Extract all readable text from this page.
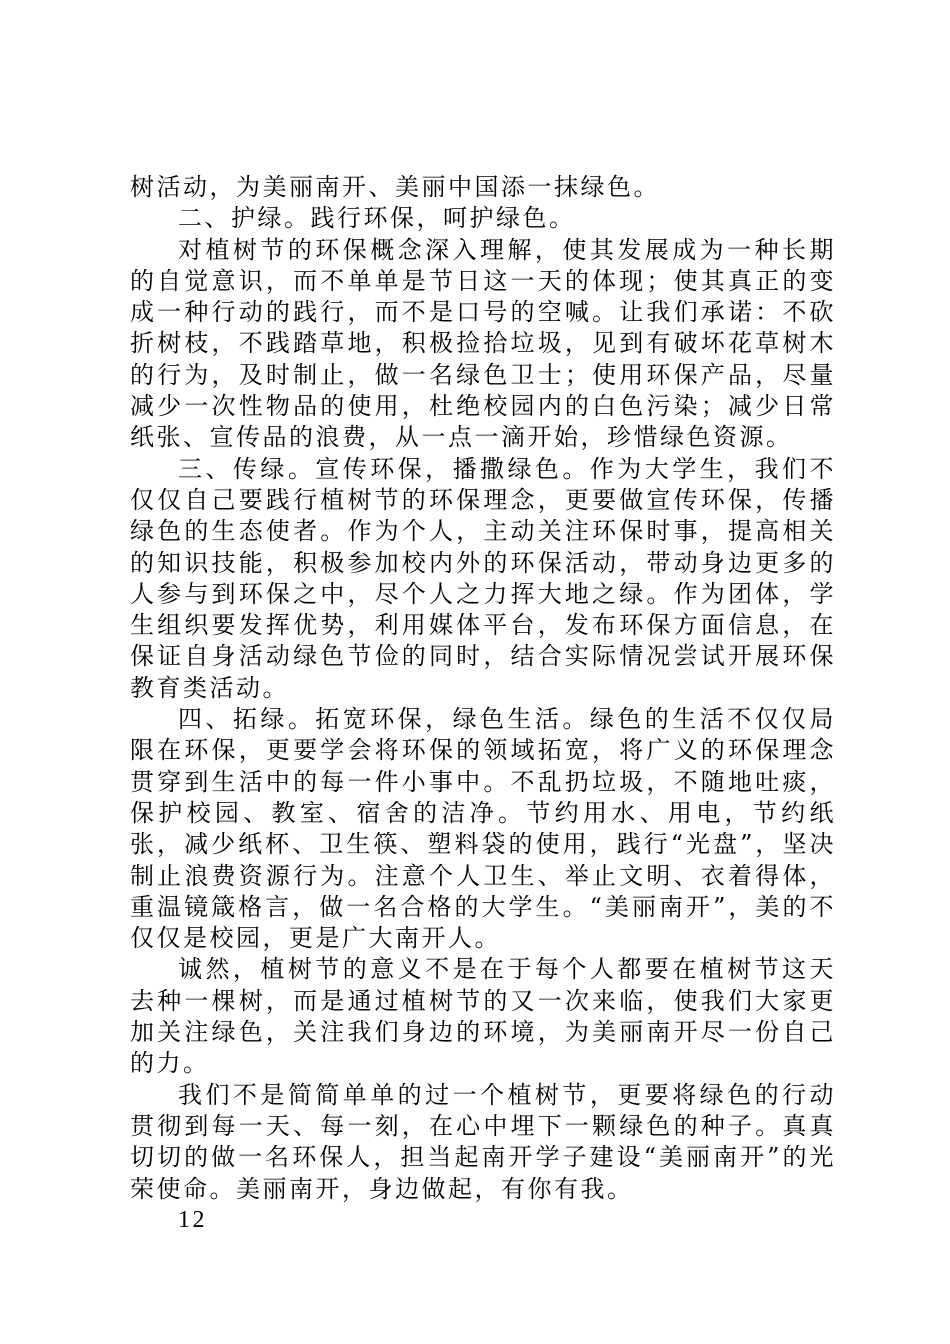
树活动，为美丽南开、美丽中国添一抹绿色。

二、护绿。践行环保，呵护绿色。

对植树节的环保概念深入理解，使其发展成为一种长期的自觉意识，而不单单是节日这一天的体现；使其真正的变成一种行动的践行，而不是口号的空喊。让我们承诺：不砍折树枝，不践踏草地，积极捡拾垃圾，见到有破坏花草树木的行为，及时制止，做一名绿色卫士；使用环保产品，尽量减少一次性物品的使用，杜绝校园内的白色污染；减少日常纸张、宣传品的浪费，从一点一滴开始，珍惜绿色资源。

三、传绿。宣传环保，播撒绿色。作为大学生，我们不仅仅自己要践行植树节的环保理念，更要做宣传环保，传播绿色的生态使者。作为个人，主动关注环保时事，提高相关的知识技能，积极参加校内外的环保活动，带动身边更多的人参与到环保之中，尽个人之力挥大地之绿。作为团体，学生组织要发挥优势，利用媒体平台，发布环保方面信息，在保证自身活动绿色节俭的同时，结合实际情况尝试开展环保教育类活动。

四、拓绿。拓宽环保，绿色生活。绿色的生活不仅仅局限在环保，更要学会将环保的领域拓宽，将广义的环保理念贯穿到生活中的每一件小事中。不乱扔垃圾，不随地吐痰，保护校园、教室、宿舍的洁净。节约用水、用电，节约纸张，减少纸杯、卫生筷、塑料袋的使用，践行“光盘”，坚决制止浪费资源行为。注意个人卫生、举止文明、衣着得体，重温镜箴格言，做一名合格的大学生。“美丽南开”，美的不仅仅是校园，更是广大南开人。

诚然，植树节的意义不是在于每个人都要在植树节这天去种一棵树，而是通过植树节的又一次来临，使我们大家更加关注绿色，关注我们身边的环境，为美丽南开尽一份自己的力。

我们不是简简单单的过一个植树节，更要将绿色的行动贯彻到每一天、每一刻，在心中埋下一颗绿色的种子。真真切切的做一名环保人，担当起南开学子建设“美丽南开”的光荣使命。美丽南开，身边做起，有你有我。

12
